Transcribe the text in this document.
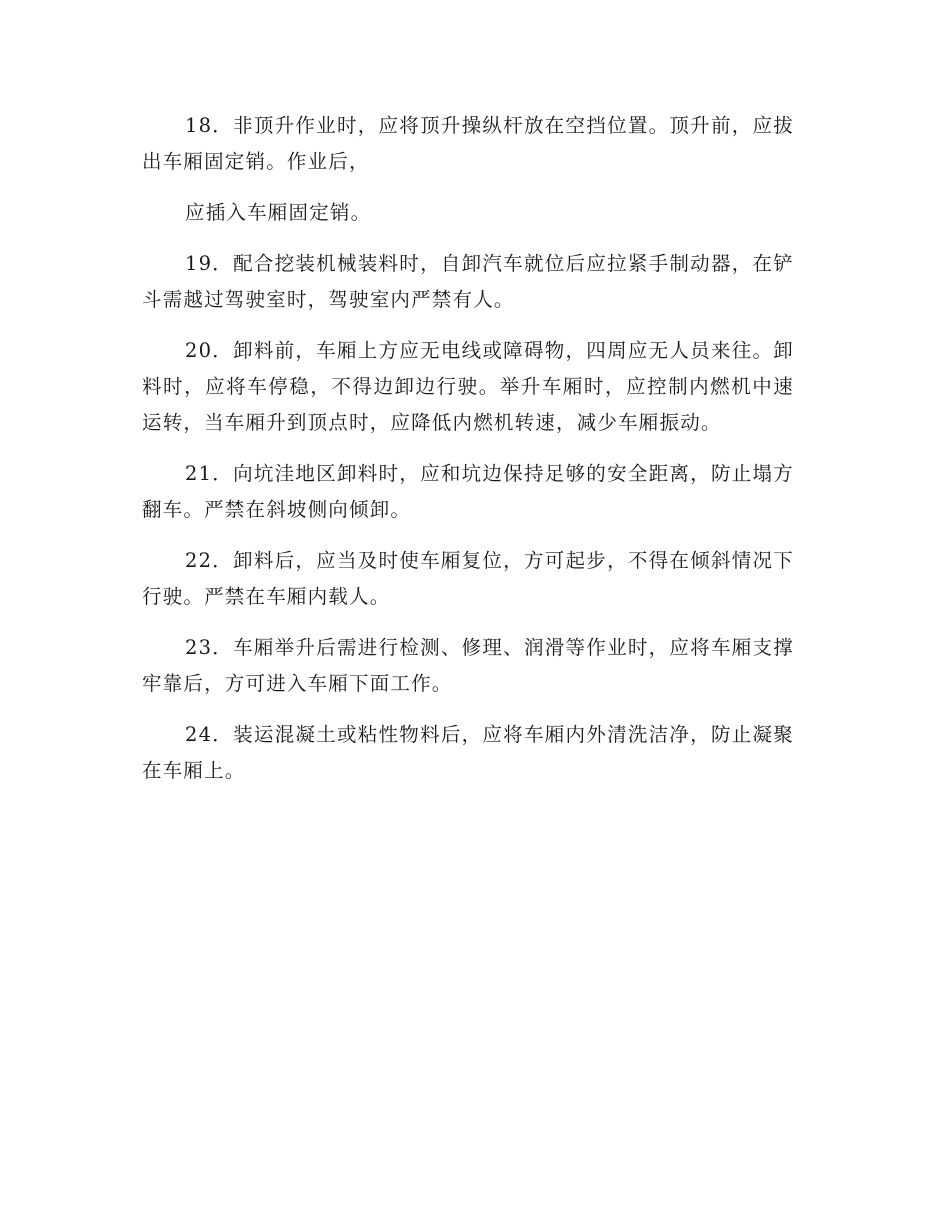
18．非顶升作业时，应将顶升操纵杆放在空挡位置。顶升前，应拔出车厢固定销。作业后，

应插入车厢固定销。

19．配合挖装机械装料时，自卸汽车就位后应拉紧手制动器，在铲斗需越过驾驶室时，驾驶室内严禁有人。

20．卸料前，车厢上方应无电线或障碍物，四周应无人员来往。卸料时，应将车停稳，不得边卸边行驶。举升车厢时，应控制内燃机中速运转，当车厢升到顶点时，应降低内燃机转速，减少车厢振动。

21．向坑洼地区卸料时，应和坑边保持足够的安全距离，防止塌方翻车。严禁在斜坡侧向倾卸。

22．卸料后，应当及时使车厢复位，方可起步，不得在倾斜情况下行驶。严禁在车厢内载人。

23．车厢举升后需进行检测、修理、润滑等作业时，应将车厢支撑牢靠后，方可进入车厢下面工作。

24．装运混凝土或粘性物料后，应将车厢内外清洗洁净，防止凝聚在车厢上。
